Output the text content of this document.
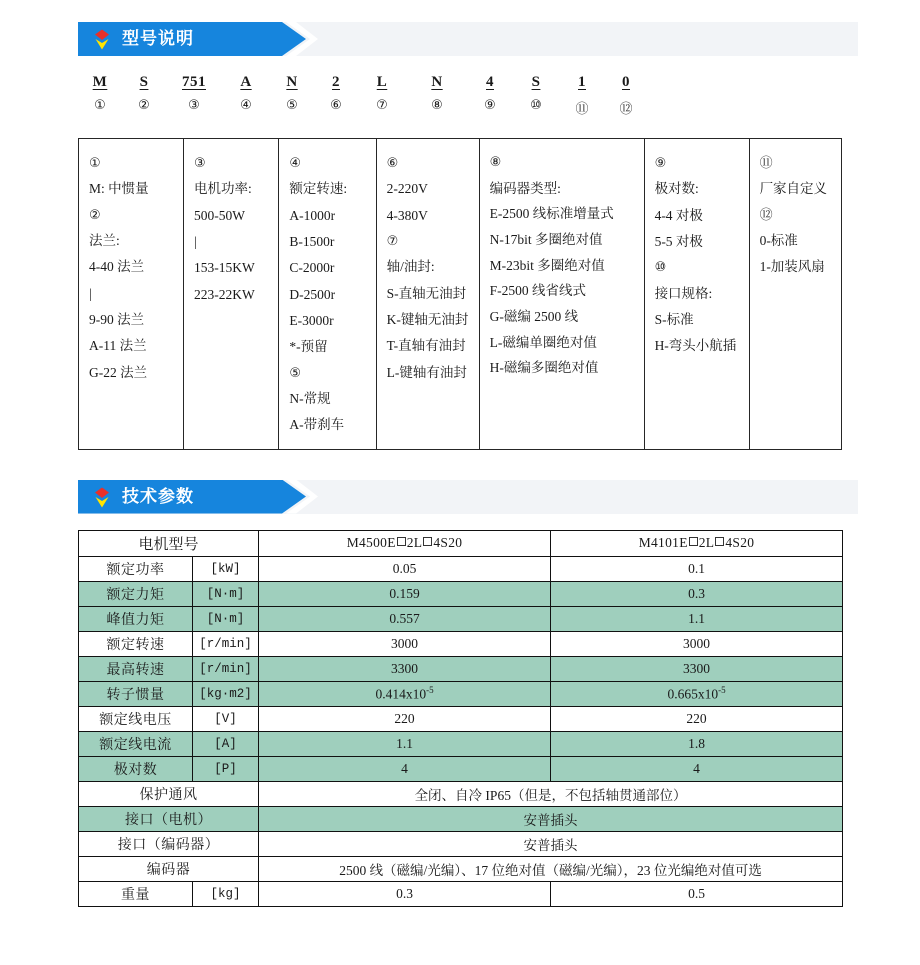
型号说明
M	S	751	A	N	2	L	N	4	S	1	0
①	②	③	④	⑤	⑥	⑦	⑧	⑨	⑩	⑪	⑫
①
M: 中惯量
②
法兰:
4-40 法兰
|
9-90 法兰
A-11 法兰
G-22 法兰
③
电机功率:
500-50W
|
153-15KW
223-22KW
④
额定转速:
A-1000r
B-1500r
C-2000r
D-2500r
E-3000r
*-预留
⑤
N-常规
A-带刹车
⑥
2-220V
4-380V
⑦
轴/油封:
S-直轴无油封
K-键轴无油封
T-直轴有油封
L-键轴有油封
⑧
编码器类型:
E-2500 线标准增量式
N-17bit 多圈绝对值
M-23bit 多圈绝对值
F-2500 线省线式
G-磁编 2500 线
L-磁编单圈绝对值
H-磁编多圈绝对值
⑨
极对数:
4-4 对极
5-5 对极
⑩
接口规格:
S-标准
H-弯头小航插
⑪
厂家自定义
⑫
0-标准
1-加装风扇
技术参数
电机型号		M4500E 2L 4S20	M4101E 2L 4S20
额定功率	[kW]	0.05	0.1
额定力矩	[N·m]	0.159	0.3
峰值力矩	[N·m]	0.557	1.1
额定转速	[r/min]	3000	3000
最高转速	[r/min]	3300	3300
转子惯量	[kg·m2]	$0.414x10^{-5}$	$0.665x10^{-5}$
额定线电压	[V]	220	220
额定线电流	[A]	1.1	1.8
极对数	[P]	4	4
保护通风		全闭、自冷 IP65（但是，不包括轴贯通部位）	
接口（电机）		安普插头	
接口（编码器）		安普插头	
编码器		2500 线（磁编/光编）、17 位绝对值（磁编/光编），23 位光编绝对值可选	
重量	[kg]	0.3	0.5
